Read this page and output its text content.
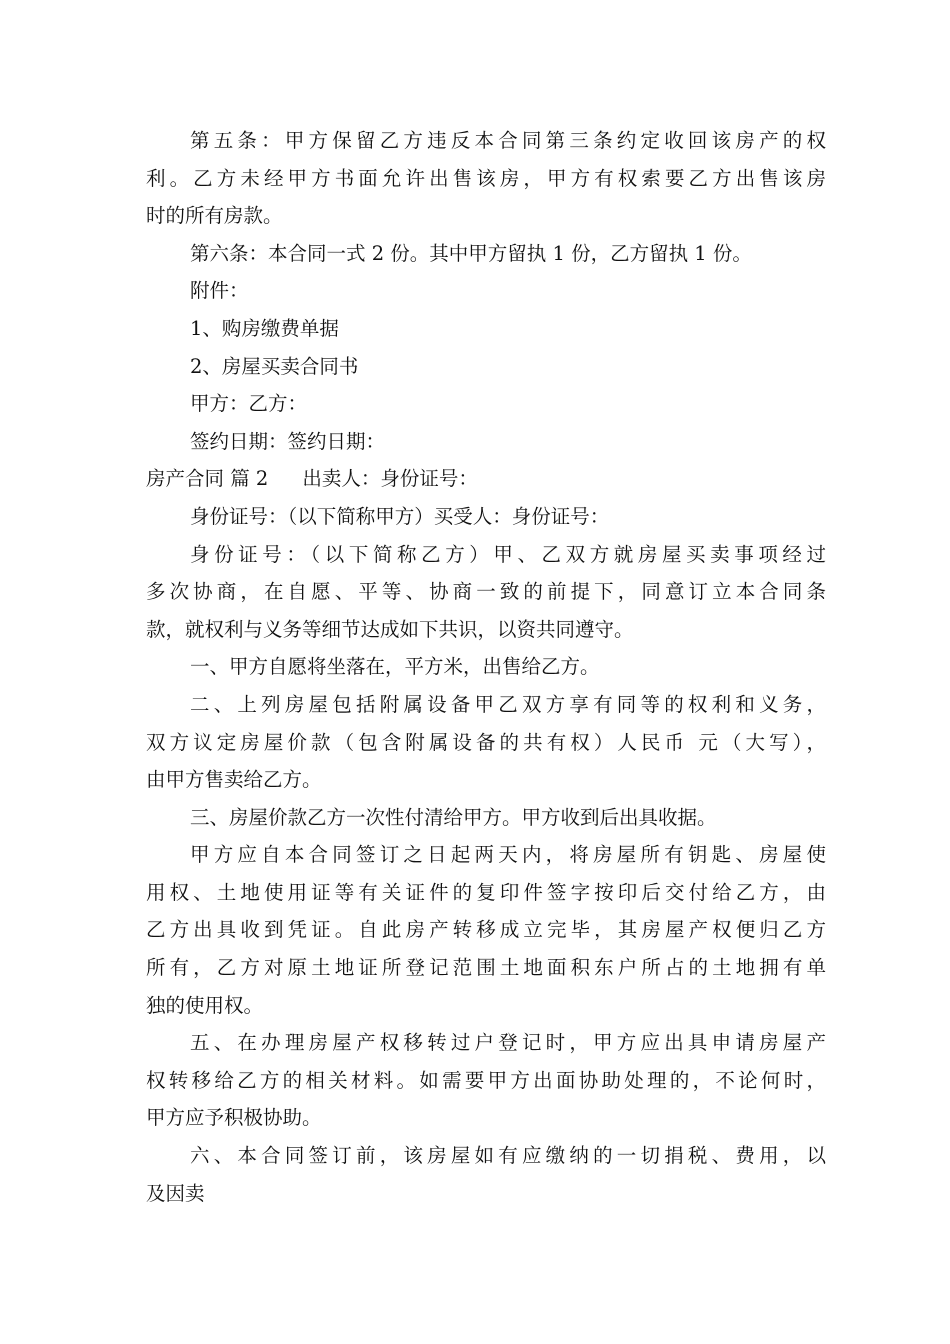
第五条：甲方保留乙方违反本合同第三条约定收回该房产的权
利。乙方未经甲方书面允许出售该房，甲方有权索要乙方出售该房
时的所有房款。
第六条：本合同一式 2 份。其中甲方留执 1 份，乙方留执 1 份。
附件：
1、购房缴费单据
2、房屋买卖合同书
甲方：乙方：
签约日期：签约日期：
房产合同 篇 2 出卖人：身份证号：
身份证号：（以下简称甲方）买受人：身份证号：
身份证号：（以下简称乙方）甲、乙双方就房屋买卖事项经过
多次协商，在自愿、平等、协商一致的前提下，同意订立本合同条
款，就权利与义务等细节达成如下共识，以资共同遵守。
一、甲方自愿将坐落在，平方米，出售给乙方。
二、上列房屋包括附属设备甲乙双方享有同等的权利和义务，
双方议定房屋价款（包含附属设备的共有权）人民币 元（大写），
由甲方售卖给乙方。
三、房屋价款乙方一次性付清给甲方。甲方收到后出具收据。
甲方应自本合同签订之日起两天内，将房屋所有钥匙、房屋使
用权、土地使用证等有关证件的复印件签字按印后交付给乙方，由
乙方出具收到凭证。自此房产转移成立完毕，其房屋产权便归乙方
所有，乙方对原土地证所登记范围土地面积东户所占的土地拥有单
独的使用权。
五、在办理房屋产权移转过户登记时，甲方应出具申请房屋产
权转移给乙方的相关材料。如需要甲方出面协助处理的，不论何时，
甲方应予积极协助。
六、本合同签订前，该房屋如有应缴纳的一切捐税、费用，以
及因卖
